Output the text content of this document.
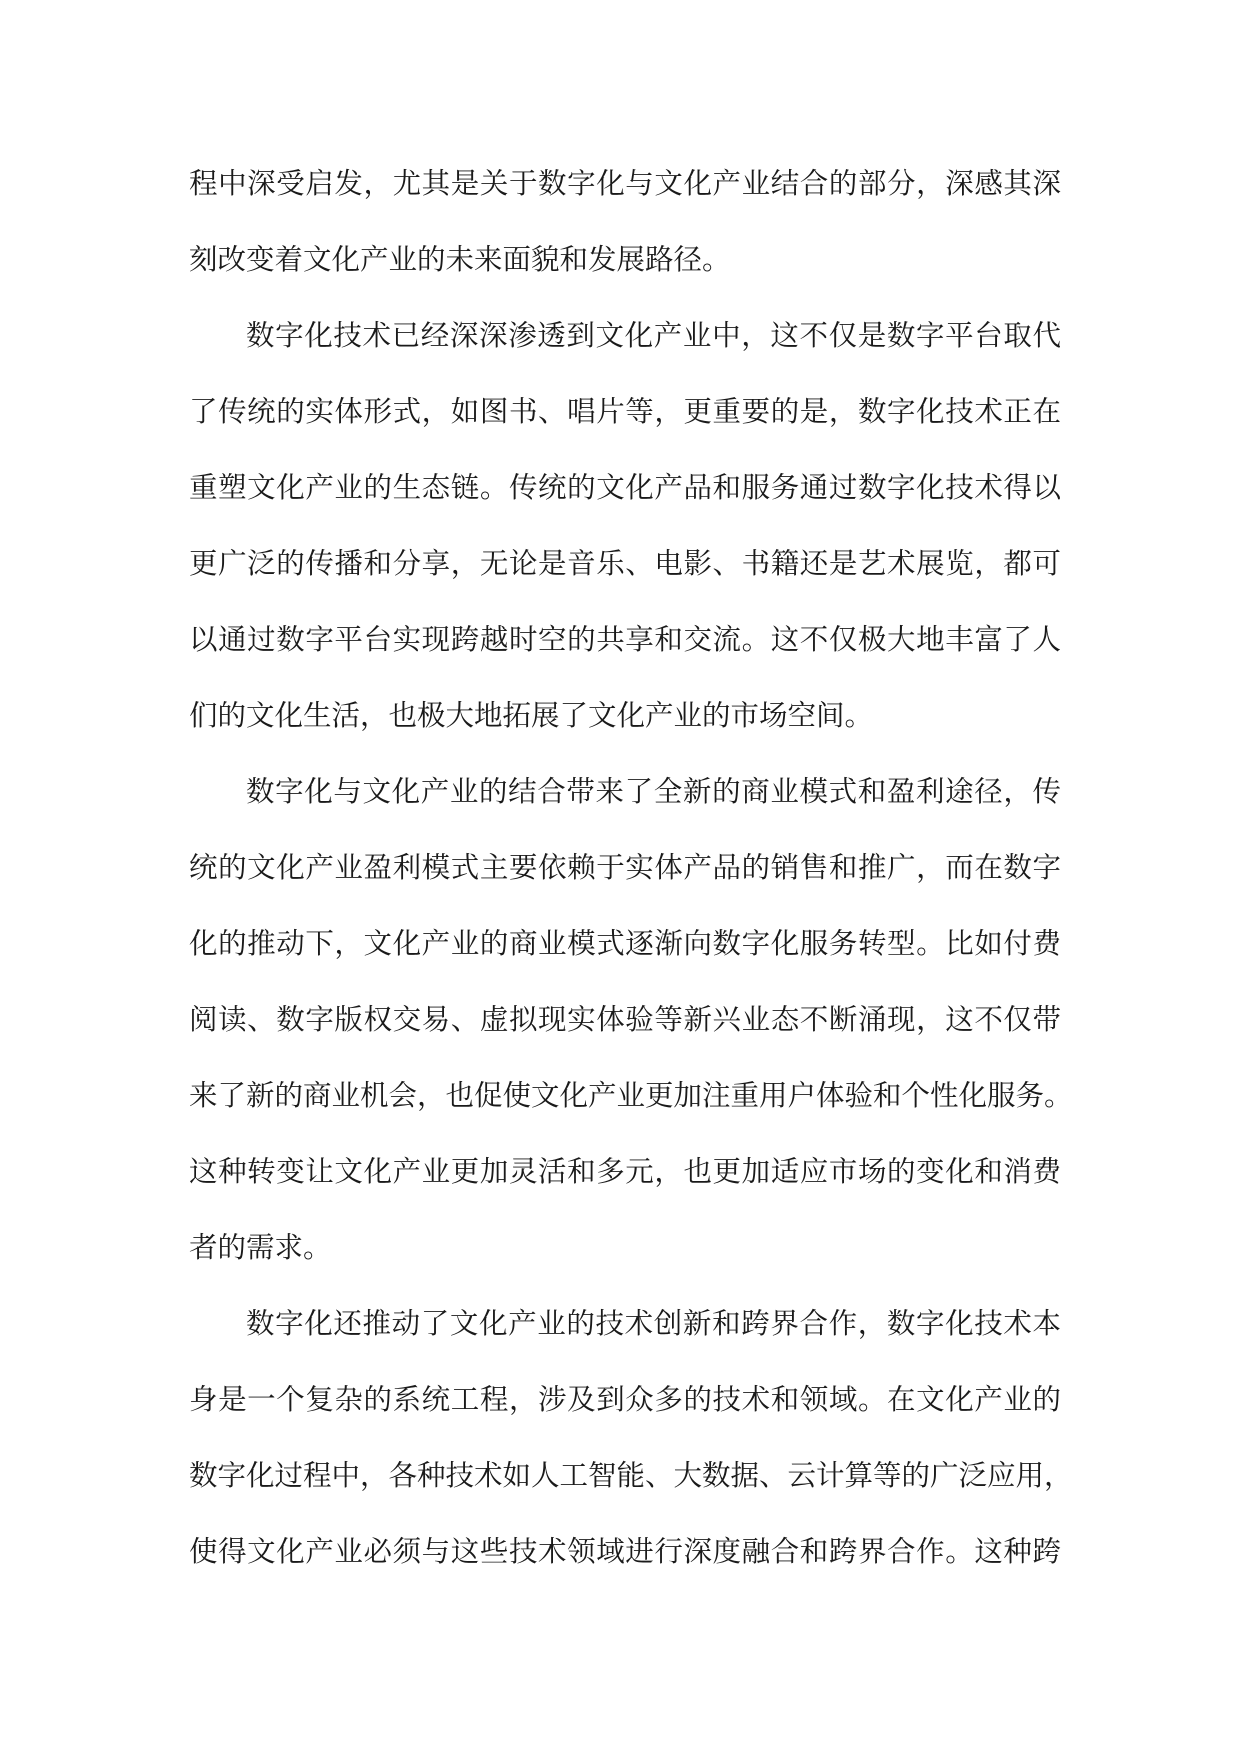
程中深受启发，尤其是关于数字化与文化产业结合的部分，深感其深
刻改变着文化产业的未来面貌和发展路径。
数字化技术已经深深渗透到文化产业中，这不仅是数字平台取代
了传统的实体形式，如图书、唱片等，更重要的是，数字化技术正在
重塑文化产业的生态链。传统的文化产品和服务通过数字化技术得以
更广泛的传播和分享，无论是音乐、电影、书籍还是艺术展览，都可
以通过数字平台实现跨越时空的共享和交流。这不仅极大地丰富了人
们的文化生活，也极大地拓展了文化产业的市场空间。
数字化与文化产业的结合带来了全新的商业模式和盈利途径，传
统的文化产业盈利模式主要依赖于实体产品的销售和推广，而在数字
化的推动下，文化产业的商业模式逐渐向数字化服务转型。比如付费
阅读、数字版权交易、虚拟现实体验等新兴业态不断涌现，这不仅带
来了新的商业机会，也促使文化产业更加注重用户体验和个性化服务。
这种转变让文化产业更加灵活和多元，也更加适应市场的变化和消费
者的需求。
数字化还推动了文化产业的技术创新和跨界合作，数字化技术本
身是一个复杂的系统工程，涉及到众多的技术和领域。在文化产业的
数字化过程中，各种技术如人工智能、大数据、云计算等的广泛应用，
使得文化产业必须与这些技术领域进行深度融合和跨界合作。这种跨
